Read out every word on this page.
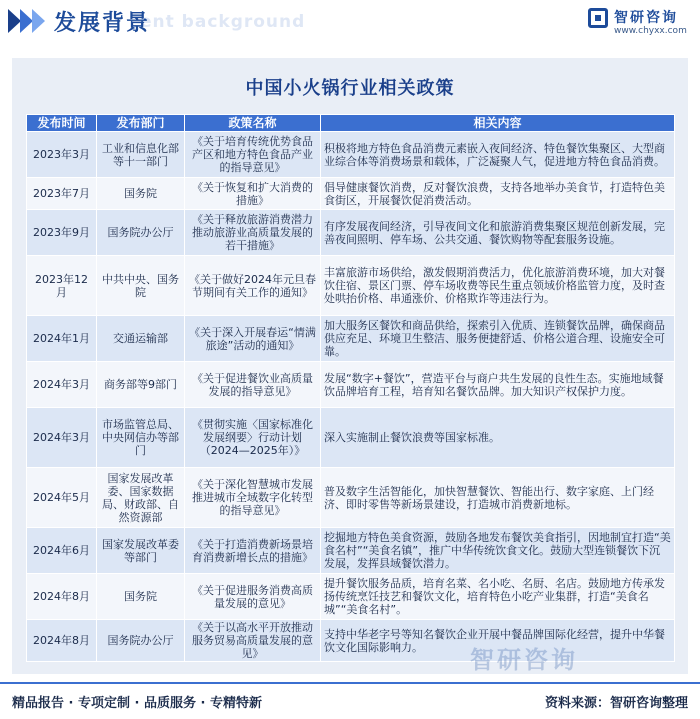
ent background
发展背景	智研咨询
www.chyxx.com
中国小火锅行业相关政策
发布时间	发布部门	政策名称	相关内容
2023年3月	工业和信息化部等十一部门	《关于培育传统优势食品产区和地方特色食品产业的指导意见》	积极将地方特色食品消费元素嵌入夜间经济、特色餐饮集聚区、大型商业综合体等消费场景和载体，广泛凝聚人气，促进地方特色食品消费。
2023年7月	国务院	《关于恢复和扩大消费的措施》	倡导健康餐饮消费，反对餐饮浪费，支持各地举办美食节，打造特色美食街区，开展餐饮促消费活动。
2023年9月	国务院办公厅	《关于释放旅游消费潜力推动旅游业高质量发展的若干措施》	有序发展夜间经济，引导夜间文化和旅游消费集聚区规范创新发展，完善夜间照明、停车场、公共交通、餐饮购物等配套服务设施。
2023年12月	中共中央、国务院	《关于做好2024年元旦春节期间有关工作的通知》	丰富旅游市场供给，激发假期消费活力，优化旅游消费环境，加大对餐饮住宿、景区门票、停车场收费等民生重点领域价格监管力度，及时查处哄抬价格、串通涨价、价格欺诈等违法行为。
2024年1月	交通运输部	《关于深入开展春运“情满旅途”活动的通知》	加大服务区餐饮和商品供给，探索引入优质、连锁餐饮品牌，确保商品供应充足、环境卫生整洁、服务便捷舒适、价格公道合理、设施安全可靠。
2024年3月	商务部等9部门	《关于促进餐饮业高质量发展的指导意见》	发展“数字+餐饮”，营造平台与商户共生发展的良性生态。实施地域餐饮品牌培育工程，培育知名餐饮品牌。加大知识产权保护力度。
2024年3月	市场监管总局、中央网信办等部门	《贯彻实施〈国家标准化发展纲要〉行动计划（2024—2025年）》	深入实施制止餐饮浪费等国家标准。
2024年5月	国家发展改革委、国家数据局、财政部、自然资源部	《关于深化智慧城市发展推进城市全域数字化转型的指导意见》	普及数字生活智能化，加快智慧餐饮、智能出行、数字家庭、上门经济、即时零售等新场景建设，打造城市消费新地标。
2024年6月	国家发展改革委等部门	《关于打造消费新场景培育消费新增长点的措施》	挖掘地方特色美食资源，鼓励各地发布餐饮美食指引，因地制宜打造“美食名村”“美食名镇”，推广中华传统饮食文化。鼓励大型连锁餐饮下沉发展，发挥县域餐饮潜力。
2024年8月	国务院	《关于促进服务消费高质量发展的意见》	提升餐饮服务品质，培育名菜、名小吃、名厨、名店。鼓励地方传承发扬传统烹饪技艺和餐饮文化，培育特色小吃产业集群，打造“美食名城”“美食名村”。
2024年8月	国务院办公厅	《关于以高水平开放推动服务贸易高质量发展的意见》	支持中华老字号等知名餐饮企业开展中餐品牌国际化经营，提升中华餐饮文化国际影响力。 智研咨询
精品报告 · 专项定制 · 品质服务 · 专精特新	资料来源：智研咨询整理
